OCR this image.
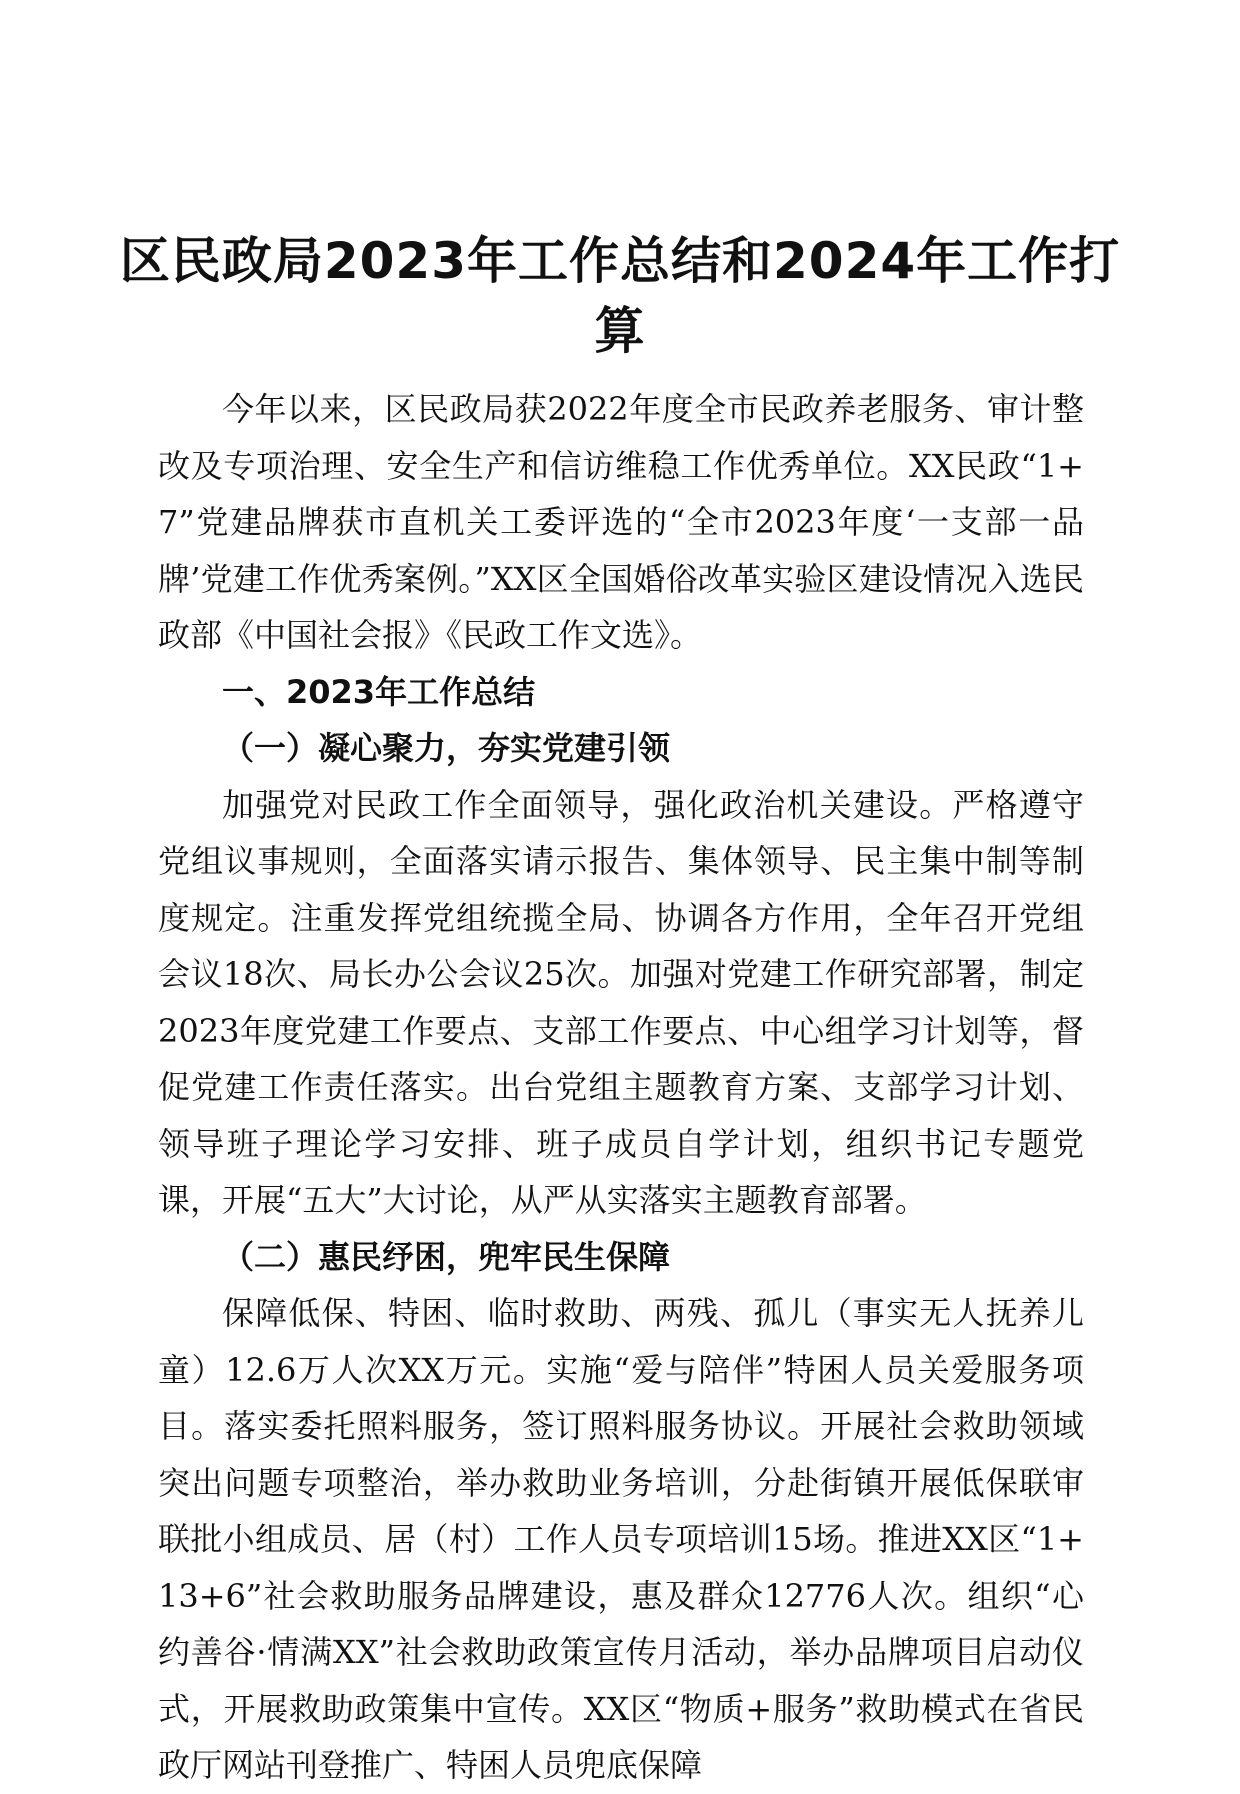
区民政局2023年工作总结和2024年工作打算

今年以来，区民政局获2022年度全市民政养老服务、审计整改及专项治理、安全生产和信访维稳工作优秀单位。XX民政“1+7”党建品牌获市直机关工委评选的“全市2023年度‘一支部一品牌’党建工作优秀案例。”XX区全国婚俗改革实验区建设情况入选民政部《中国社会报》《民政工作文选》。

一、2023年工作总结

（一）凝心聚力，夯实党建引领

加强党对民政工作全面领导，强化政治机关建设。严格遵守党组议事规则，全面落实请示报告、集体领导、民主集中制等制度规定。注重发挥党组统揽全局、协调各方作用，全年召开党组会议18次、局长办公会议25次。加强对党建工作研究部署，制定2023年度党建工作要点、支部工作要点、中心组学习计划等，督促党建工作责任落实。出台党组主题教育方案、支部学习计划、领导班子理论学习安排、班子成员自学计划，组织书记专题党课，开展“五大”大讨论，从严从实落实主题教育部署。

（二）惠民纾困，兜牢民生保障

保障低保、特困、临时救助、两残、孤儿（事实无人抚养儿童）12.6万人次XX万元。实施“爱与陪伴”特困人员关爱服务项目。落实委托照料服务，签订照料服务协议。开展社会救助领域突出问题专项整治，举办救助业务培训，分赴街镇开展低保联审联批小组成员、居（村）工作人员专项培训15场。推进XX区“1+13+6”社会救助服务品牌建设，惠及群众12776人次。组织“心约善谷·情满XX”社会救助政策宣传月活动，举办品牌项目启动仪式，开展救助政策集中宣传。XX区“物质+服务”救助模式在省民政厅网站刊登推广、特困人员兜底保障
